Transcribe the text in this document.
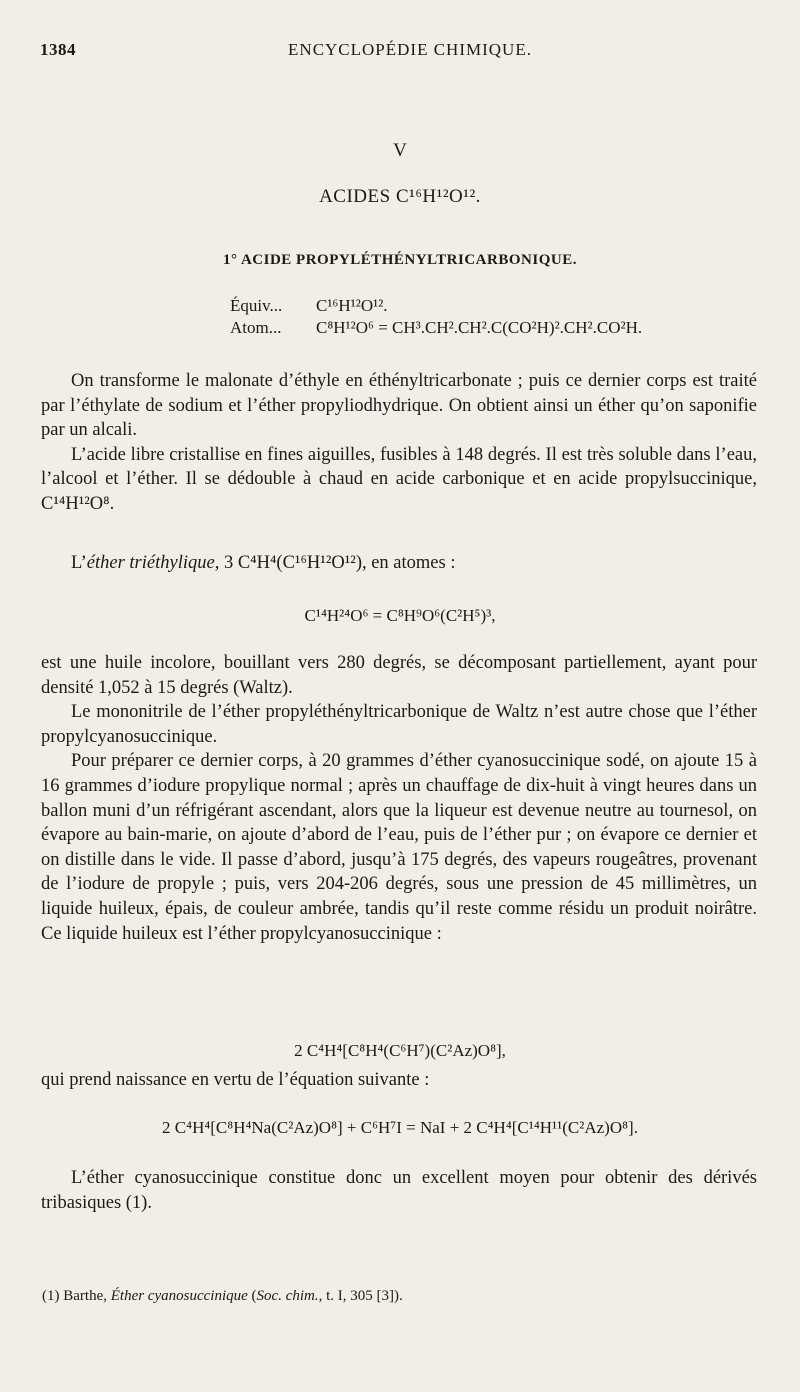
1384	ENCYCLOPÉDIE CHIMIQUE.
V
ACIDES C¹⁶H¹²O¹².
1° ACIDE PROPYLÉTHÉNYLTRICARBONIQUE.
Équiv... C¹⁶H¹²O¹².
Atom... C⁸H¹²O⁶ = CH³.CH².CH².C(CO²H)².CH².CO²H.

On transforme le malonate d’éthyle en éthényltricarbonate ; puis ce dernier corps est traité par l’éthylate de sodium et l’éther propyliodhydrique. On obtient ainsi un éther qu’on saponifie par un alcali.

L’acide libre cristallise en fines aiguilles, fusibles à 148 degrés. Il est très soluble dans l’eau, l’alcool et l’éther. Il se dédouble à chaud en acide carbonique et en acide propylsuccinique, C¹⁴H¹²O⁸.

L’éther triéthylique, 3 C⁴H⁴(C¹⁶H¹²O¹²), en atomes :

C¹⁴H²⁴O⁶ = C⁸H⁹O⁶(C²H⁵)³,

est une huile incolore, bouillant vers 280 degrés, se décomposant partiellement, ayant pour densité 1,052 à 15 degrés (Waltz).

Le mononitrile de l’éther propyléthényltricarbonique de Waltz n’est autre chose que l’éther propylcyanosuccinique.

Pour préparer ce dernier corps, à 20 grammes d’éther cyanosuccinique sodé, on ajoute 15 à 16 grammes d’iodure propylique normal ; après un chauffage de dix-huit à vingt heures dans un ballon muni d’un réfrigérant ascendant, alors que la liqueur est devenue neutre au tournesol, on évapore au bain-marie, on ajoute d’abord de l’eau, puis de l’éther pur ; on évapore ce dernier et on distille dans le vide. Il passe d’abord, jusqu’à 175 degrés, des vapeurs rougeâtres, provenant de l’iodure de propyle ; puis, vers 204-206 degrés, sous une pression de 45 millimètres, un liquide huileux, épais, de couleur ambrée, tandis qu’il reste comme résidu un produit noirâtre. Ce liquide huileux est l’éther propylcyanosuccinique :

2 C⁴H⁴[C⁸H⁴(C⁶H⁷)(C²Az)O⁸],

qui prend naissance en vertu de l’équation suivante :

2 C⁴H⁴[C⁸H⁴Na(C²Az)O⁸] + C⁶H⁷I = NaI + 2 C⁴H⁴[C¹⁴H¹¹(C²Az)O⁸].

L’éther cyanosuccinique constitue donc un excellent moyen pour obtenir des dérivés tribasiques (1).

(1) Barthe, Éther cyanosuccinique (Soc. chim., t. I, 305 [3]).
